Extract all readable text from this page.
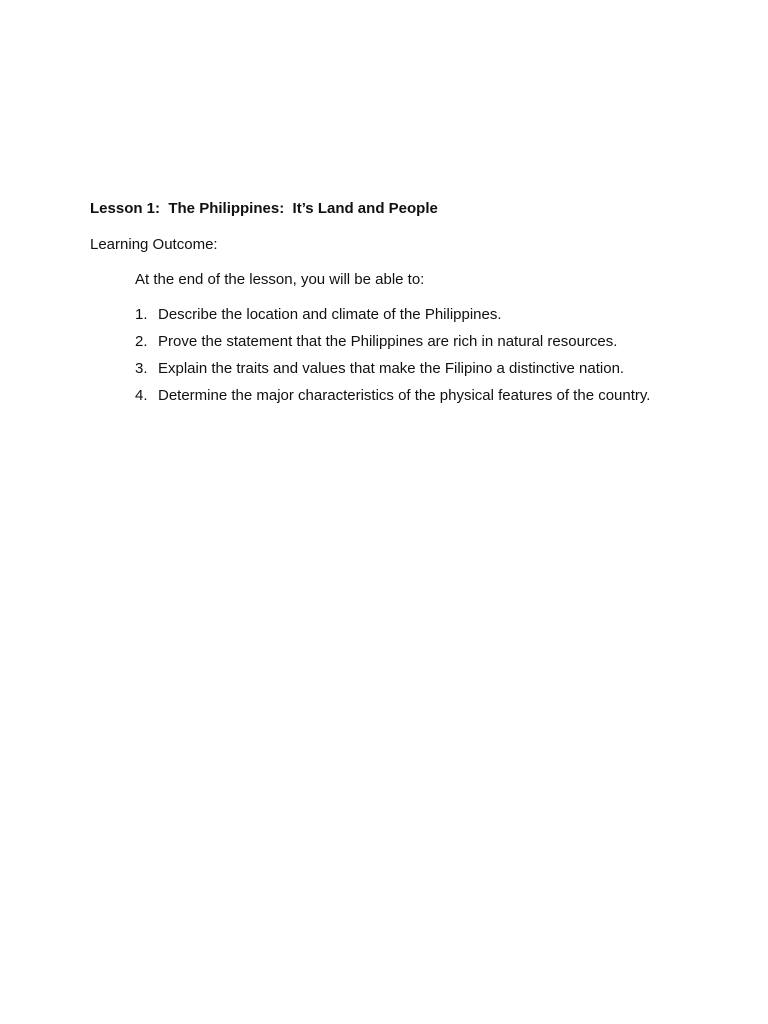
Lesson 1:  The Philippines:  It’s Land and People

Learning Outcome:

At the end of the lesson, you will be able to:

1. Describe the location and climate of the Philippines.
2. Prove the statement that the Philippines are rich in natural resources.
3. Explain the traits and values that make the Filipino a distinctive nation.
4. Determine the major characteristics of the physical features of the country.
